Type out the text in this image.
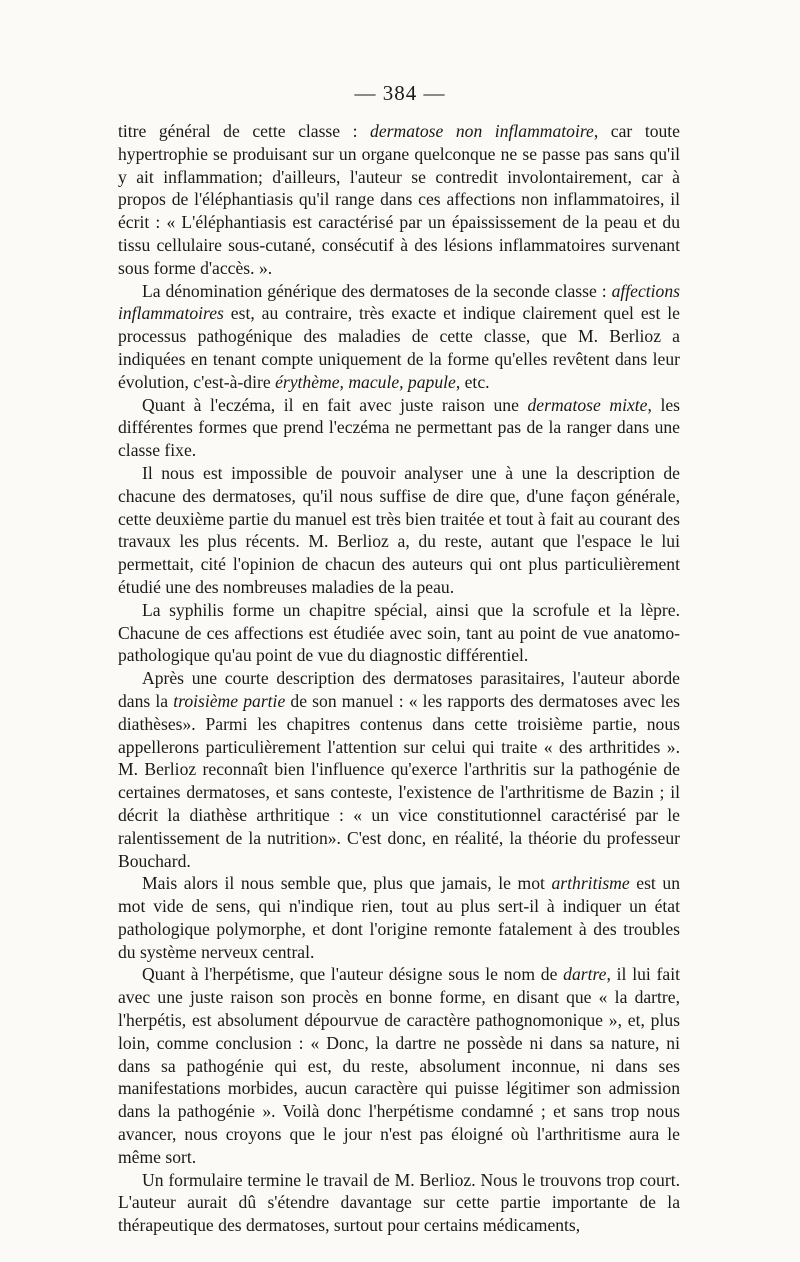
— 384 —

titre général de cette classe : dermatose non inflammatoire, car toute hypertrophie se produisant sur un organe quelconque ne se passe pas sans qu'il y ait inflammation; d'ailleurs, l'auteur se contredit involontairement, car à propos de l'éléphantiasis qu'il range dans ces affections non inflammatoires, il écrit : « L'éléphantiasis est caractérisé par un épaississement de la peau et du tissu cellulaire sous-cutané, consécutif à des lésions inflammatoires survenant sous forme d'accès. ».

La dénomination générique des dermatoses de la seconde classe : affections inflammatoires est, au contraire, très exacte et indique clairement quel est le processus pathogénique des maladies de cette classe, que M. Berlioz a indiquées en tenant compte uniquement de la forme qu'elles revêtent dans leur évolution, c'est-à-dire érythème, macule, papule, etc.

Quant à l'eczéma, il en fait avec juste raison une dermatose mixte, les différentes formes que prend l'eczéma ne permettant pas de la ranger dans une classe fixe.

Il nous est impossible de pouvoir analyser une à une la description de chacune des dermatoses, qu'il nous suffise de dire que, d'une façon générale, cette deuxième partie du manuel est très bien traitée et tout à fait au courant des travaux les plus récents. M. Berlioz a, du reste, autant que l'espace le lui permettait, cité l'opinion de chacun des auteurs qui ont plus particulièrement étudié une des nombreuses maladies de la peau.

La syphilis forme un chapitre spécial, ainsi que la scrofule et la lèpre. Chacune de ces affections est étudiée avec soin, tant au point de vue anatomo-pathologique qu'au point de vue du diagnostic différentiel.

Après une courte description des dermatoses parasitaires, l'auteur aborde dans la troisième partie de son manuel : « les rapports des dermatoses avec les diathèses». Parmi les chapitres contenus dans cette troisième partie, nous appellerons particulièrement l'attention sur celui qui traite « des arthritides ». M. Berlioz reconnaît bien l'influence qu'exerce l'arthritis sur la pathogénie de certaines dermatoses, et sans conteste, l'existence de l'arthritisme de Bazin ; il décrit la diathèse arthritique : « un vice constitutionnel caractérisé par le ralentissement de la nutrition». C'est donc, en réalité, la théorie du professeur Bouchard.

Mais alors il nous semble que, plus que jamais, le mot arthritisme est un mot vide de sens, qui n'indique rien, tout au plus sert-il à indiquer un état pathologique polymorphe, et dont l'origine remonte fatalement à des troubles du système nerveux central.

Quant à l'herpétisme, que l'auteur désigne sous le nom de dartre, il lui fait avec une juste raison son procès en bonne forme, en disant que « la dartre, l'herpétis, est absolument dépourvue de caractère pathognomonique », et, plus loin, comme conclusion : « Donc, la dartre ne possède ni dans sa nature, ni dans sa pathogénie qui est, du reste, absolument inconnue, ni dans ses manifestations morbides, aucun caractère qui puisse légitimer son admission dans la pathogénie ». Voilà donc l'herpétisme condamné ; et sans trop nous avancer, nous croyons que le jour n'est pas éloigné où l'arthritisme aura le même sort.

Un formulaire termine le travail de M. Berlioz. Nous le trouvons trop court. L'auteur aurait dû s'étendre davantage sur cette partie importante de la thérapeutique des dermatoses, surtout pour certains médicaments,
